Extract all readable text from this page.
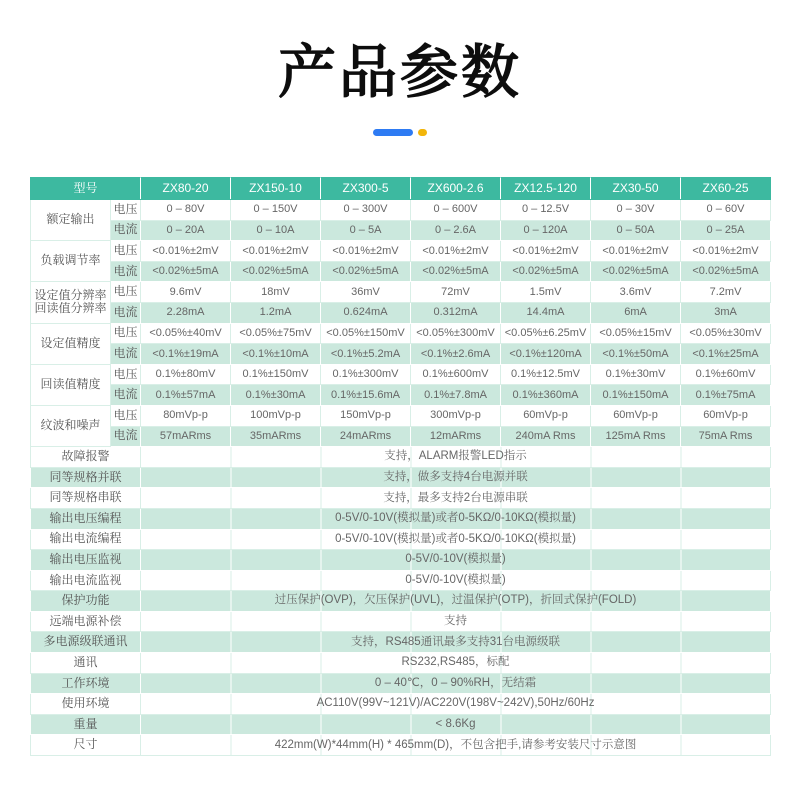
产品参数
型号		ZX80-20	ZX150-10	ZX300-5	ZX600-2.6	ZX12.5-120	ZX30-50	ZX60-25

额定输出	电压	0 – 80V	0 – 150V	0 – 300V	0 – 600V	0 – 12.5V	0 – 30V	0 – 60V
	电流	0 – 20A	0 – 10A	0 – 5A	0 – 2.6A	0 – 120A	0 – 50A	0 – 25A

负载调节率	电压	<0.01%±2mV	<0.01%±2mV	<0.01%±2mV	<0.01%±2mV	<0.01%±2mV	<0.01%±2mV	<0.01%±2mV
	电流	<0.02%±5mA	<0.02%±5mA	<0.02%±5mA	<0.02%±5mA	<0.02%±5mA	<0.02%±5mA	<0.02%±5mA

设定值分辨率
回读值分辨率	电压	9.6mV	18mV	36mV	72mV	1.5mV	3.6mV	7.2mV
	电流	2.28mA	1.2mA	0.624mA	0.312mA	14.4mA	6mA	3mA

设定值精度	电压	<0.05%±40mV	<0.05%±75mV	<0.05%±150mV	<0.05%±300mV	<0.05%±6.25mV	<0.05%±15mV	<0.05%±30mV
	电流	<0.1%±19mA	<0.1%±10mA	<0.1%±5.2mA	<0.1%±2.6mA	<0.1%±120mA	<0.1%±50mA	<0.1%±25mA

回读值精度	电压	0.1%±80mV	0.1%±150mV	0.1%±300mV	0.1%±600mV	0.1%±12.5mV	0.1%±30mV	0.1%±60mV
	电流	0.1%±57mA	0.1%±30mA	0.1%±15.6mA	0.1%±7.8mA	0.1%±360mA	0.1%±150mA	0.1%±75mA

纹波和噪声	电压	80mVp-p	100mVp-p	150mVp-p	300mVp-p	60mVp-p	60mVp-p	60mVp-p
	电流	57mARms	35mARms	24mARms	12mARms	240mA Rms	125mA Rms	75mA Rms
故障报警		支持，ALARM报警LED指示						
同等规格并联		支持，做多支持4台电源并联						
同等规格串联		支持，最多支持2台电源串联						
输出电压编程		0-5V/0-10V(模拟量)或者0-5KΩ/0-10KΩ(模拟量)						
输出电流编程		0-5V/0-10V(模拟量)或者0-5KΩ/0-10KΩ(模拟量)						
输出电压监视		0-5V/0-10V(模拟量)						
输出电流监视		0-5V/0-10V(模拟量)						
保护功能		过压保护(OVP)，欠压保护(UVL)，过温保护(OTP)，折回式保护(FOLD)						
远端电源补偿		支持						
多电源级联通讯		支持，RS485通讯最多支持31台电源级联						
通讯		RS232,RS485，标配						
工作环境		0 – 40℃，0 – 90%RH，无结霜						
使用环境		AC110V(99V~121V)/AC220V(198V~242V),50Hz/60Hz						
重量		< 8.6Kg						
尺寸		422mm(W)*44mm(H) * 465mm(D)，不包含把手,请参考安装尺寸示意图						
